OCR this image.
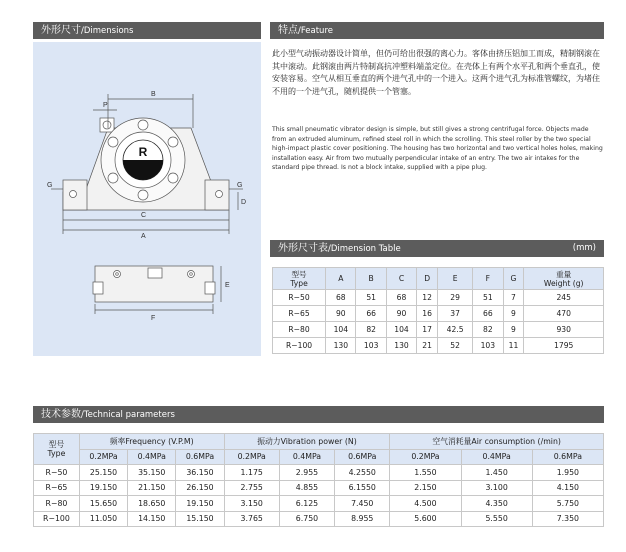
外形尺寸/Dimensions	特点/Feature
外形尺寸表/Dimension Table	(mm)
技术参数/Technical parameters
R
B
P
C
A
D
G	G
E
F
此小型气动振动器设计简单，但仍可给出很强的离心力。客体由挤压铝加工而成，精制钢滚在其中滚动。此钢滚由两片特制高抗冲塑料端盖定位。在壳体上有两个水平孔和两个垂直孔，使安装容易。空气从相互垂直的两个进气孔中的一个进入。这两个进气孔为标准管螺纹，为堵住不用的一个进气孔，随机提供一个管塞。
This small pneumatic vibrator design is simple, but still gives a strong centrifugal force. Objects made from an extruded aluminum, refined steel roll in which the scrolling. This steel roller by the two special high-impact plastic cover positioning. The housing has two horizontal and two vertical holes holes, making installation easy. Air from two mutually perpendicular intake of an entry. The two air intakes for the standard pipe thread. Is not a block intake, supplied with a pipe plug.
型号
Type	A	B	C	D	E	F	G	重量
Weight (g)
R−50	68	51	68	12	29	51	7	245
R−65	90	66	90	16	37	66	9	470
R−80	104	82	104	17	42.5	82	9	930
R−100	130	103	130	21	52	103	11	1795
型号
Type	频率Frequency (V.P.M)			振动力Vibration power (N)			空气消耗量Air consumption (/min)		
	0.2MPa	0.4MPa	0.6MPa	0.2MPa	0.4MPa	0.6MPa	0.2MPa	0.4MPa	0.6MPa
R−50	25.150	35.150	36.150	1.175	2.955	4.2550	1.550	1.450	1.950
R−65	19.150	21.150	26.150	2.755	4.855	6.1550	2.150	3.100	4.150
R−80	15.650	18.650	19.150	3.150	6.125	7.450	4.500	4.350	5.750
R−100	11.050	14.150	15.150	3.765	6.750	8.955	5.600	5.550	7.350
